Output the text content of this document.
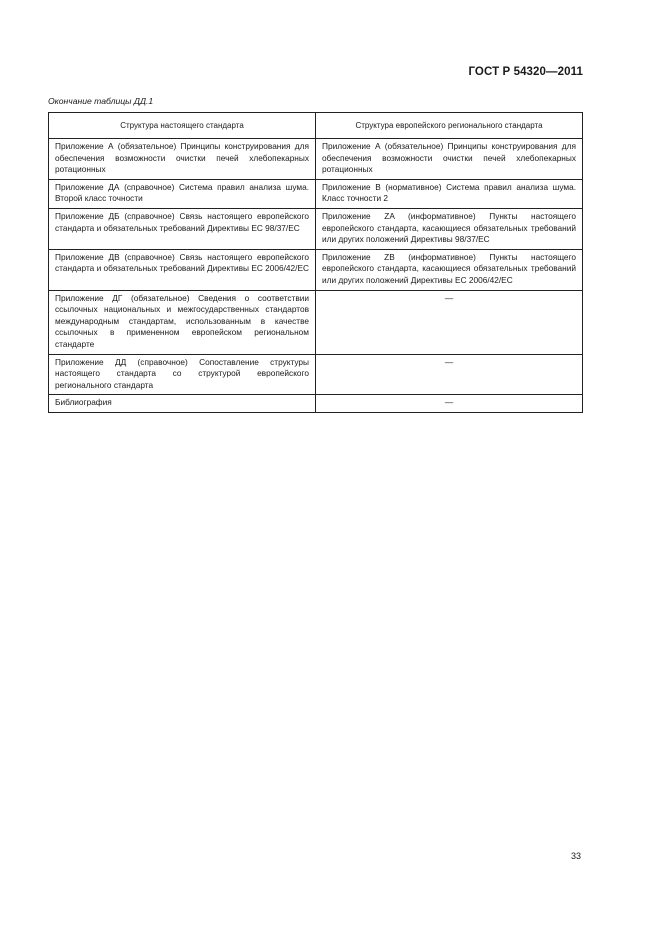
ГОСТ Р 54320—2011
Окончание таблицы ДД.1
Структура настоящего стандарта	Структура европейского регионального стандарта
Приложение А (обязательное) Принципы конструирования для обеспечения возможности очистки печей хлебопекарных ротационных	Приложение А (обязательное) Принципы конструирования для обеспечения возможности очистки печей хлебопекарных ротационных
Приложение ДА (справочное) Система правил анализа шума. Второй класс точности	Приложение В (нормативное) Система правил анализа шума. Класс точности 2
Приложение ДБ (справочное) Связь настоящего европейского стандарта и обязательных требований Директивы ЕС 98/37/ЕС	Приложение ZA (информативное) Пункты настоящего европейского стандарта, касающиеся обязательных требований или других положений Директивы 98/37/ЕС
Приложение ДВ (справочное) Связь настоящего европейского стандарта и обязательных требований Директивы ЕС 2006/42/ЕС	Приложение ZB (информативное) Пункты настоящего европейского стандарта, касающиеся обязательных требований или других положений Директивы ЕС 2006/42/ЕС
Приложение ДГ (обязательное) Сведения о соответствии ссылочных национальных и межгосударственных стандартов международным стандартам, использованным в качестве ссылочных в примененном европейском региональном стандарте	—
Приложение ДД (справочное) Сопоставление структуры настоящего стандарта со структурой европейского регионального стандарта	—
Библиография	—
33
